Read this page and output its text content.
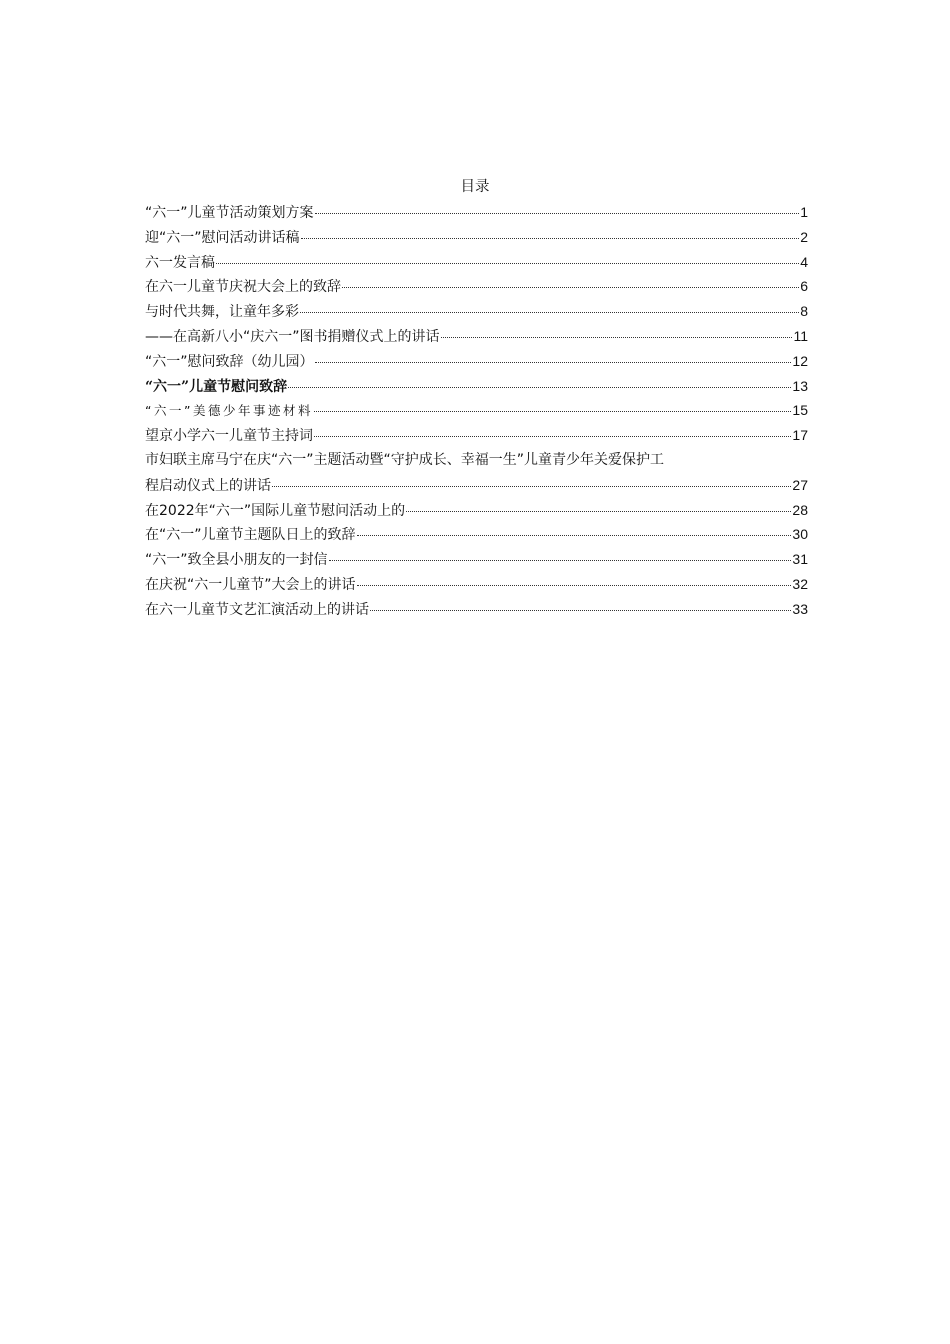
目录
“六一”儿童节活动策划方案	1
迎“六一”慰问活动讲话稿	2
六一发言稿	4
在六一儿童节庆祝大会上的致辞	6
与时代共舞，让童年多彩	8
——在高新八小“庆六一”图书捐赠仪式上的讲话	11
“六一”慰问致辞（幼儿园）	12
“六一”儿童节慰问致辞	13
“六一”美德少年事迹材料	15
望京小学六一儿童节主持词	17
市妇联主席马宁在庆“六一”主题活动暨“守护成长、幸福一生”儿童青少年关爱保护工
程启动仪式上的讲话	27
在2022年“六一”国际儿童节慰问活动上的	28
在“六一”儿童节主题队日上的致辞	30
“六一”致全县小朋友的一封信	31
在庆祝“六一儿童节”大会上的讲话	32
在六一儿童节文艺汇演活动上的讲话	33
